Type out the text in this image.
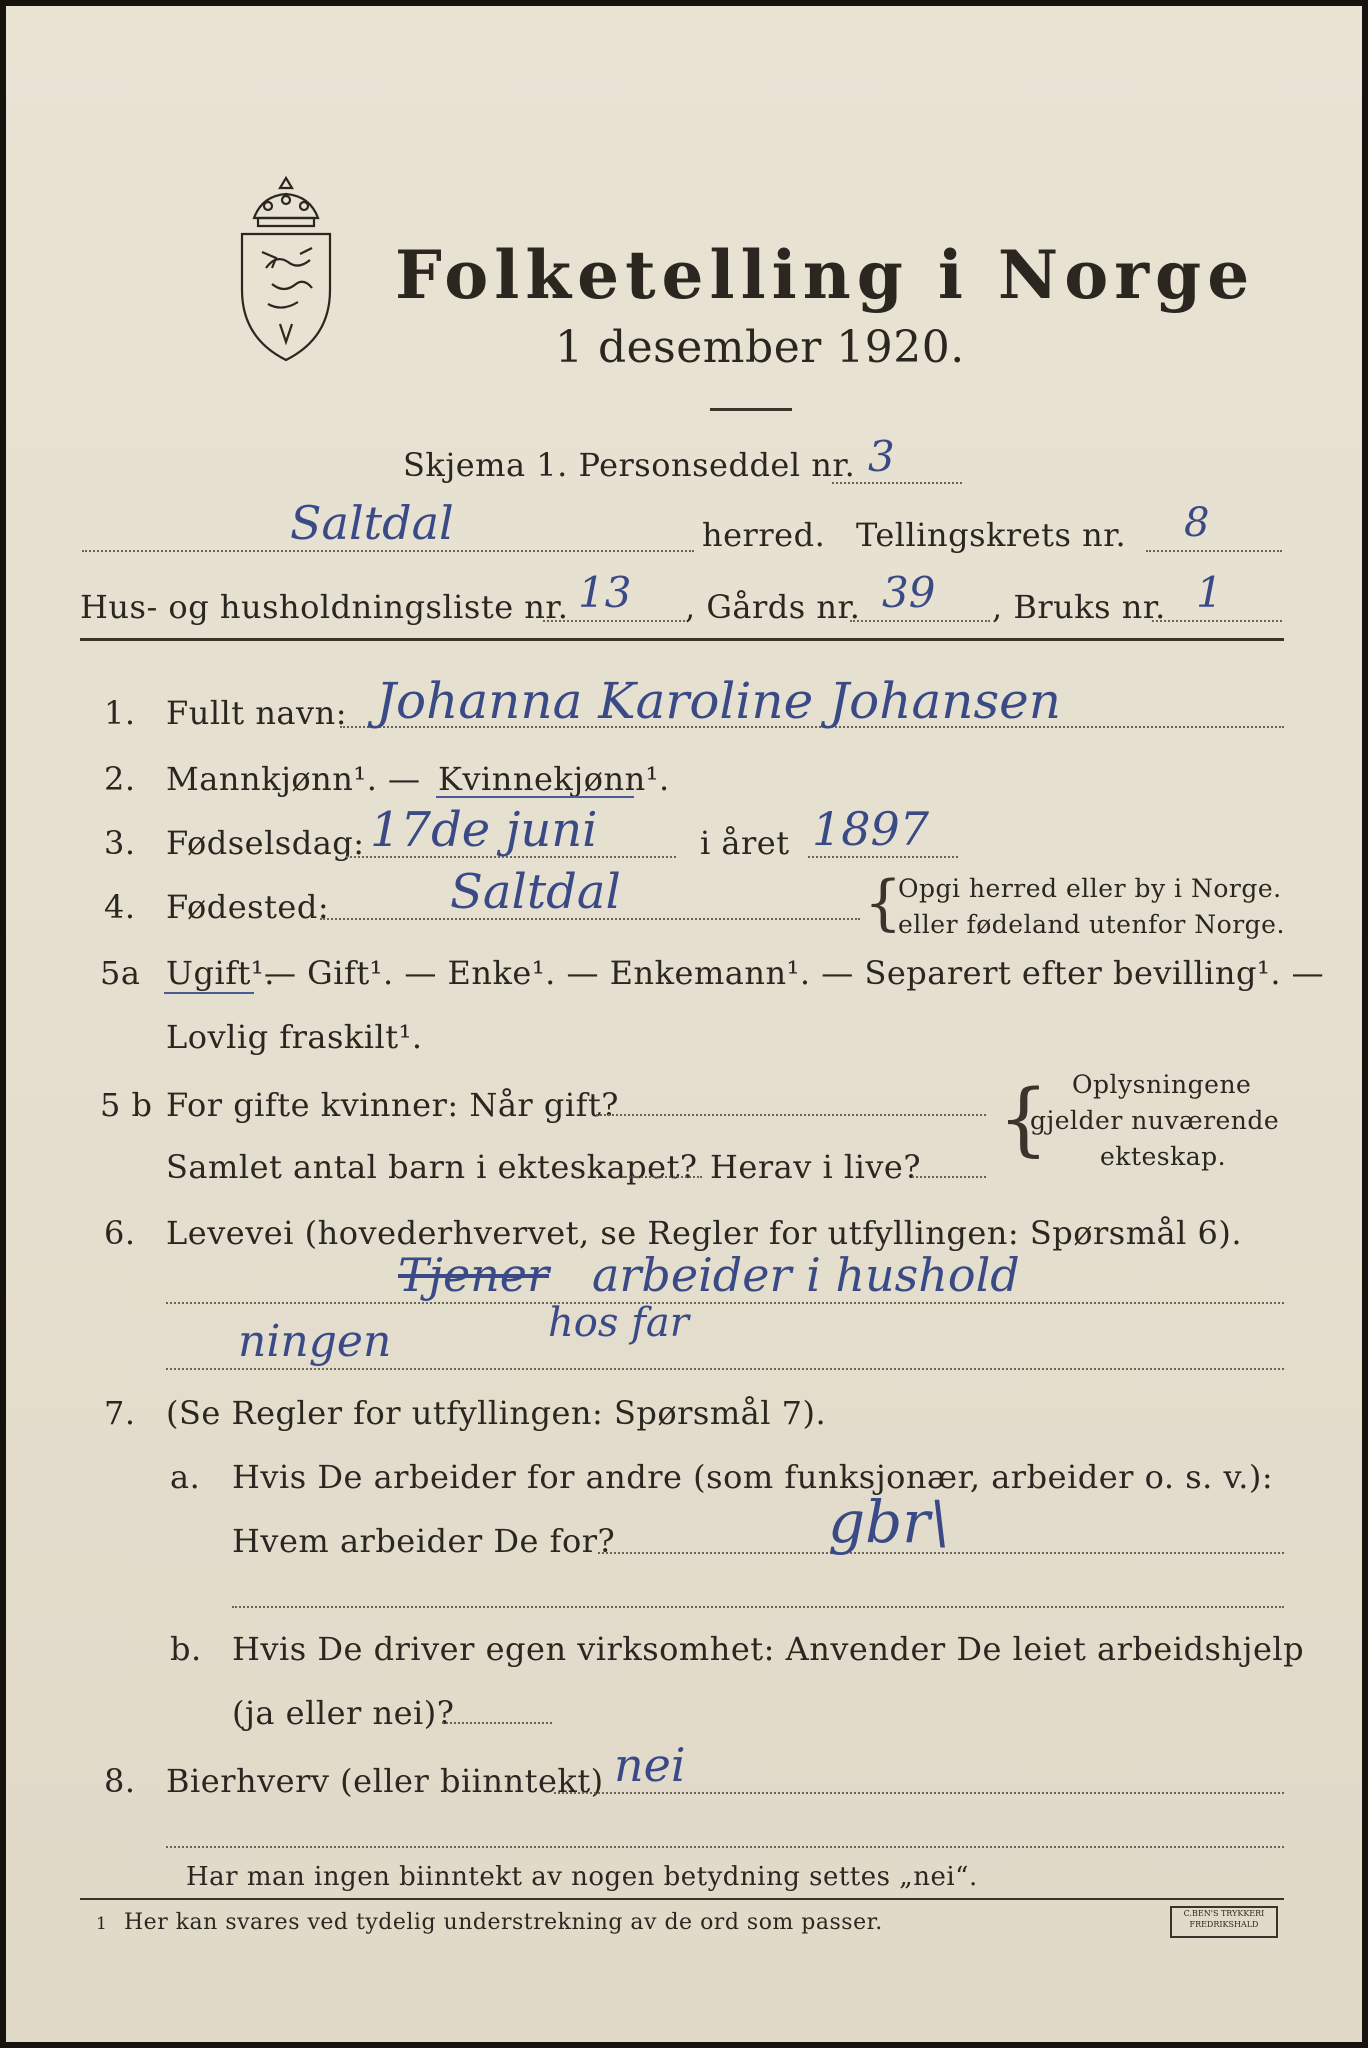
Folketelling i Norge
1 desember 1920.
Skjema 1. Personseddel nr. 3
Saltdal	herred. Tellingskrets nr. 8
Hus- og husholdningsliste nr. 13 , Gårds nr. 39 , Bruks nr. 1
1. Fullt navn: Johanna Karoline Johansen
2. Mannkjønn¹. — Kvinnekjønn¹.
3. Fødselsdag: 17de juni	i året 1897
4. Fødested:	Saltdal	{
Opgi herred eller by i Norge.
eller fødeland utenfor Norge.
5a Ugift¹.
— Gift¹. — Enke¹. — Enkemann¹. — Separert efter bevilling¹. —
Lovlig fraskilt¹.
5 b For gifte kvinner: Når gift?
Samlet antal barn i ekteskapet? Herav i live?
{ Oplysningene
gjelder nuværende
ekteskap.
6. Levevei (hovederhvervet, se Regler for utfyllingen: Spørsmål 6).
Tjener arbeider i hushold
ningen	hos far
7. (Se Regler for utfyllingen: Spørsmål 7).
a. Hvis De arbeider for andre (som funksjonær, arbeider o. s. v.):
Hvem arbeider De for?	gbr\
b. Hvis De driver egen virksomhet: Anvender De leiet arbeidshjelp
(ja eller nei)?
8. Bierhverv (eller biinntekt) nei
Har man ingen biinntekt av nogen betydning settes „nei“.
1 Her kan svares ved tydelig understrekning av de ord som passer.	C.BEN'S TRYKKERI
FREDRIKSHALD
